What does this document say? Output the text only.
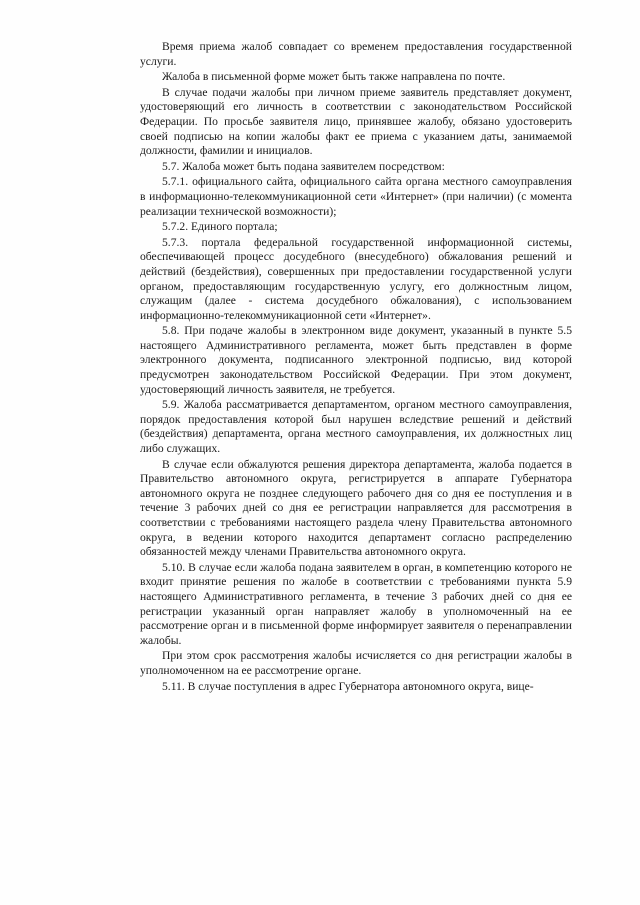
Время приема жалоб совпадает со временем предоставления государственной услуги.

Жалоба в письменной форме может быть также направлена по почте.

В случае подачи жалобы при личном приеме заявитель представляет документ, удостоверяющий его личность в соответствии с законодательством Российской Федерации. По просьбе заявителя лицо, принявшее жалобу, обязано удостоверить своей подписью на копии жалобы факт ее приема с указанием даты, занимаемой должности, фамилии и инициалов.

5.7. Жалоба может быть подана заявителем посредством:

5.7.1. официального сайта, официального сайта органа местного самоуправления в информационно-телекоммуникационной сети «Интернет» (при наличии) (с момента реализации технической возможности);

5.7.2. Единого портала;

5.7.3. портала федеральной государственной информационной системы, обеспечивающей процесс досудебного (внесудебного) обжалования решений и действий (бездействия), совершенных при предоставлении государственной услуги органом, предоставляющим государственную услугу, его должностным лицом, служащим (далее - система досудебного обжалования), с использованием информационно-телекоммуникационной сети «Интернет».

5.8. При подаче жалобы в электронном виде документ, указанный в пункте 5.5 настоящего Административного регламента, может быть представлен в форме электронного документа, подписанного электронной подписью, вид которой предусмотрен законодательством Российской Федерации. При этом документ, удостоверяющий личность заявителя, не требуется.

5.9. Жалоба рассматривается департаментом, органом местного самоуправления, порядок предоставления которой был нарушен вследствие решений и действий (бездействия) департамента, органа местного самоуправления, их должностных лиц либо служащих.

В случае если обжалуются решения директора департамента, жалоба подается в Правительство автономного округа, регистрируется в аппарате Губернатора автономного округа не позднее следующего рабочего дня со дня ее поступления и в течение 3 рабочих дней со дня ее регистрации направляется для рассмотрения в соответствии с требованиями настоящего раздела члену Правительства автономного округа, в ведении которого находится департамент согласно распределению обязанностей между членами Правительства автономного округа.

5.10. В случае если жалоба подана заявителем в орган, в компетенцию которого не входит принятие решения по жалобе в соответствии с требованиями пункта 5.9 настоящего Административного регламента, в течение 3 рабочих дней со дня ее регистрации указанный орган направляет жалобу в уполномоченный на ее рассмотрение орган и в письменной форме информирует заявителя о перенаправлении жалобы.

При этом срок рассмотрения жалобы исчисляется со дня регистрации жалобы в уполномоченном на ее рассмотрение органе.

5.11. В случае поступления в адрес Губернатора автономного округа, вице-
